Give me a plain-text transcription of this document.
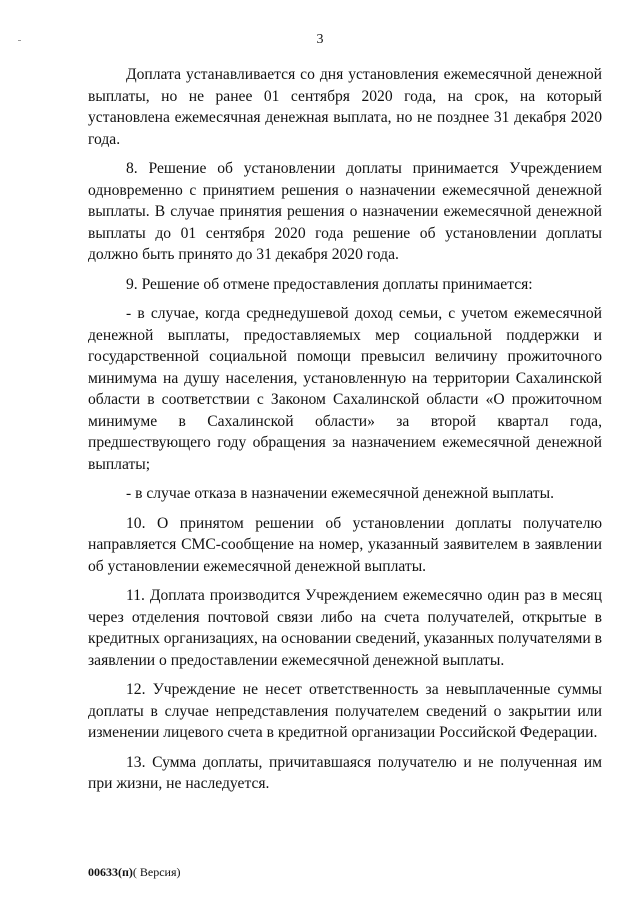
3

Доплата устанавливается со дня установления ежемесячной денежной выплаты, но не ранее 01 сентября 2020 года, на срок, на который установлена ежемесячная денежная выплата, но не позднее 31 декабря 2020 года.

8. Решение об установлении доплаты принимается Учреждением одновременно с принятием решения о назначении ежемесячной денежной выплаты. В случае принятия решения о назначении ежемесячной денежной выплаты до 01 сентября 2020 года решение об установлении доплаты должно быть принято до 31 декабря 2020 года.

9. Решение об отмене предоставления доплаты принимается:

- в случае, когда среднедушевой доход семьи, с учетом ежемесячной денежной выплаты, предоставляемых мер социальной поддержки и государственной социальной помощи превысил величину прожиточного минимума на душу населения, установленную на территории Сахалинской области в соответствии с Законом Сахалинской области «О прожиточном минимуме в Сахалинской области» за второй квартал года, предшествующего году обращения за назначением ежемесячной денежной выплаты;

- в случае отказа в назначении ежемесячной денежной выплаты.

10. О принятом решении об установлении доплаты получателю направляется СМС-сообщение на номер, указанный заявителем в заявлении об установлении ежемесячной денежной выплаты.

11. Доплата производится Учреждением ежемесячно один раз в месяц через отделения почтовой связи либо на счета получателей, открытые в кредитных организациях, на основании сведений, указанных получателями в заявлении о предоставлении ежемесячной денежной выплаты.

12. Учреждение не несет ответственность за невыплаченные суммы доплаты в случае непредставления получателем сведений о закрытии или изменении лицевого счета в кредитной организации Российской Федерации.

13. Сумма доплаты, причитавшаяся получателю и не полученная им при жизни, не наследуется.

00633(п)( Версия)
